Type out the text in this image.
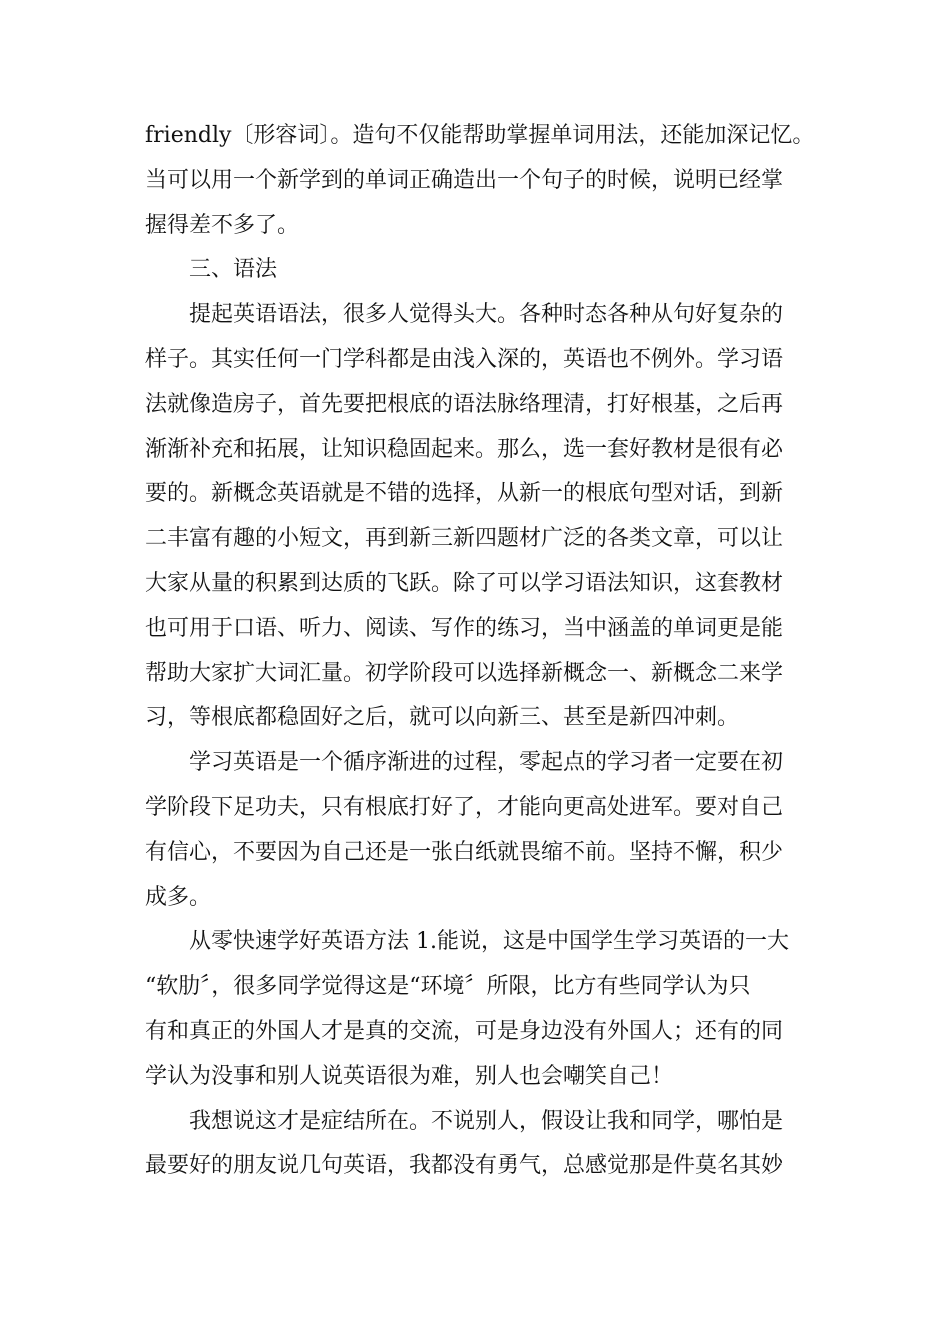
friendly〔形容词〕。造句不仅能帮助掌握单词用法，还能加深记忆。
当可以用一个新学到的单词正确造出一个句子的时候，说明已经掌
握得差不多了。
三、语法
提起英语语法，很多人觉得头大。各种时态各种从句好复杂的
样子。其实任何一门学科都是由浅入深的，英语也不例外。学习语
法就像造房子，首先要把根底的语法脉络理清，打好根基，之后再
渐渐补充和拓展，让知识稳固起来。那么，选一套好教材是很有必
要的。新概念英语就是不错的选择，从新一的根底句型对话，到新
二丰富有趣的小短文，再到新三新四题材广泛的各类文章，可以让
大家从量的积累到达质的飞跃。除了可以学习语法知识，这套教材
也可用于口语、听力、阅读、写作的练习，当中涵盖的单词更是能
帮助大家扩大词汇量。初学阶段可以选择新概念一、新概念二来学
习，等根底都稳固好之后，就可以向新三、甚至是新四冲刺。
学习英语是一个循序渐进的过程，零起点的学习者一定要在初
学阶段下足功夫，只有根底打好了，才能向更高处进军。要对自己
有信心，不要因为自己还是一张白纸就畏缩不前。坚持不懈，积少
成多。
从零快速学好英语方法 1.能说，这是中国学生学习英语的一大
“软肋〞，很多同学觉得这是“环境〞所限，比方有些同学认为只
有和真正的外国人才是真的交流，可是身边没有外国人；还有的同
学认为没事和别人说英语很为难，别人也会嘲笑自己！
我想说这才是症结所在。不说别人，假设让我和同学，哪怕是
最要好的朋友说几句英语，我都没有勇气，总感觉那是件莫名其妙
